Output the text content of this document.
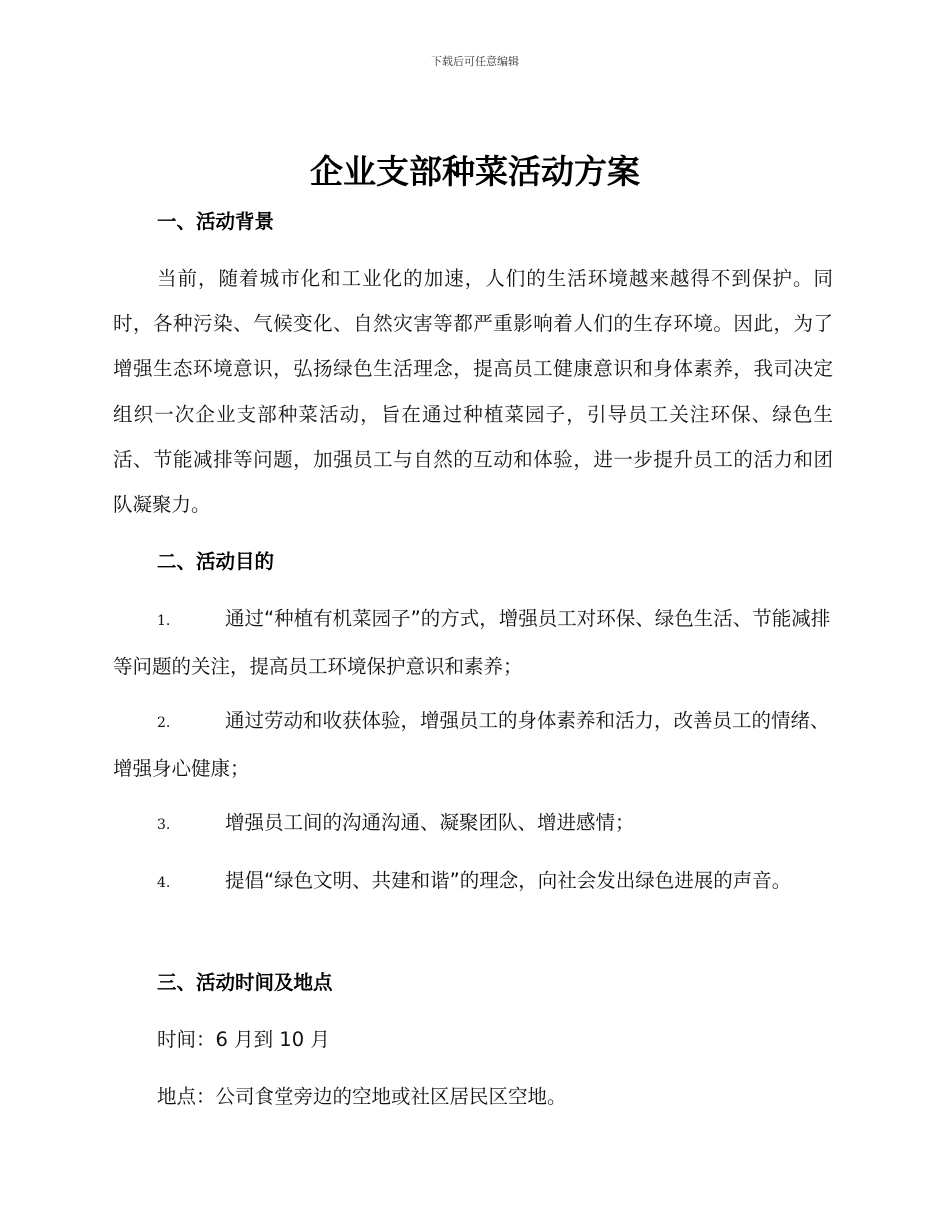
下载后可任意编辑
企业支部种菜活动方案
一、活动背景

当前，随着城市化和工业化的加速，人们的生活环境越来越得不到保护。同时，各种污染、气候变化、自然灾害等都严重影响着人们的生存环境。因此，为了增强生态环境意识，弘扬绿色生活理念，提高员工健康意识和身体素养，我司决定组织一次企业支部种菜活动，旨在通过种植菜园子，引导员工关注环保、绿色生活、节能减排等问题，加强员工与自然的互动和体验，进一步提升员工的活力和团队凝聚力。

二、活动目的

1.	通过“种植有机菜园子”的方式，增强员工对环保、绿色生活、节能减排等问题的关注，提高员工环境保护意识和素养；

2.	通过劳动和收获体验，增强员工的身体素养和活力，改善员工的情绪、增强身心健康；

3.	增强员工间的沟通沟通、凝聚团队、增进感情；

4.	提倡“绿色文明、共建和谐”的理念，向社会发出绿色进展的声音。

三、活动时间及地点

时间：6 月到 10 月

地点：公司食堂旁边的空地或社区居民区空地。
